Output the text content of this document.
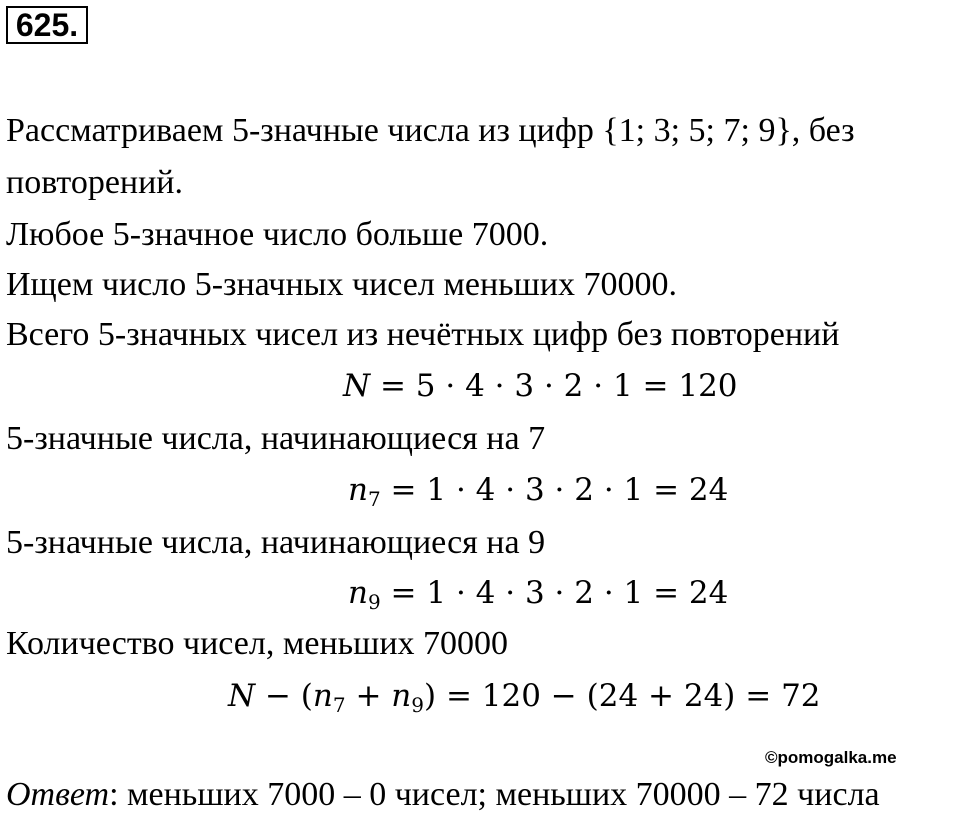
625.
Рассматриваем 5-значные числа из цифр {1; 3; 5; 7; 9}, без
повторений.
Любое 5-значное число больше 7000.
Ищем число 5-значных чисел меньших 70000.
Всего 5-значных чисел из нечётных цифр без повторений
N = 5 · 4 · 3 · 2 · 1 = 120
5-значные числа, начинающиеся на 7
$n_7 = 1 \cdot 4 \cdot 3 \cdot 2 \cdot 1 = 24$
5-значные числа, начинающиеся на 9
$n_9 = 1 \cdot 4 \cdot 3 \cdot 2 \cdot 1 = 24$
Количество чисел, меньших 70000
$N - (n_7 + n_9) = 120 - (24 + 24) = 72$
©pomogalka.me
Ответ: меньших 7000 – 0 чисел; меньших 70000 – 72 числа
